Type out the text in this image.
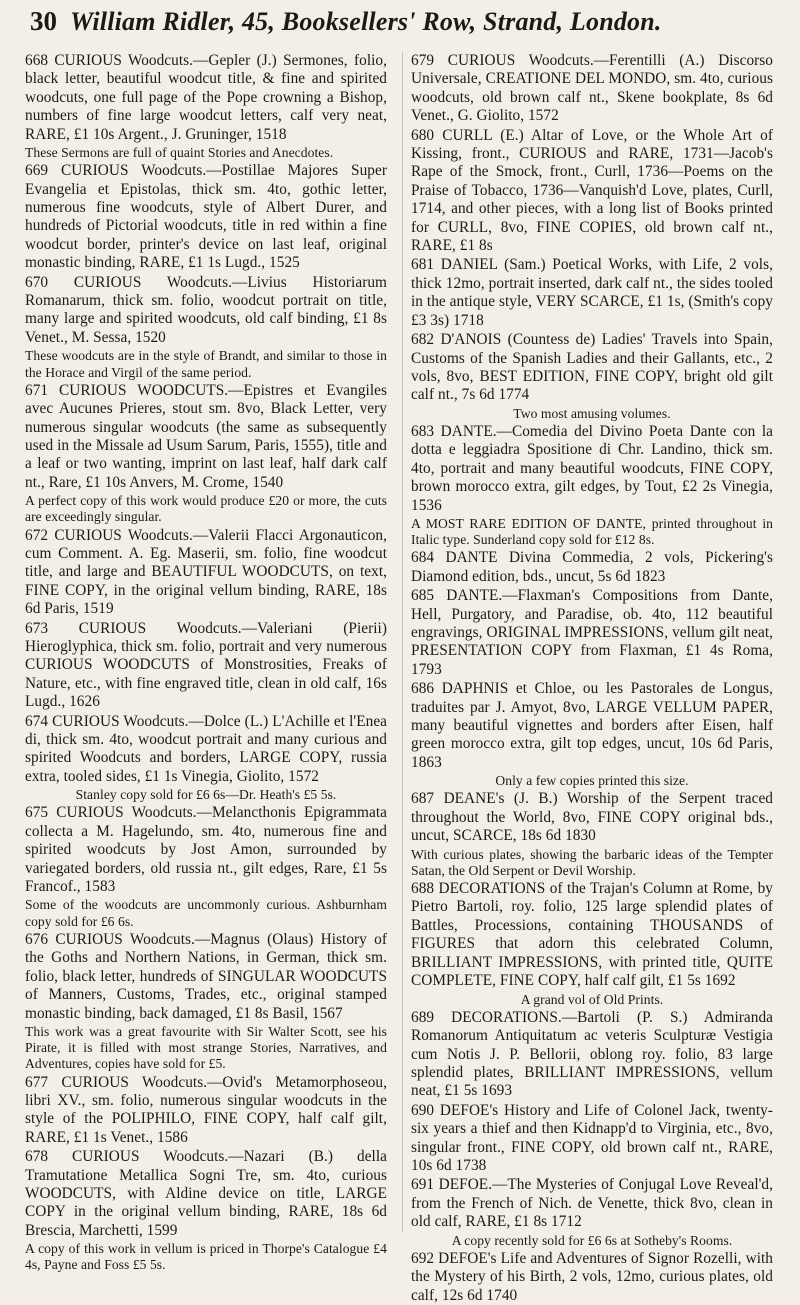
30 William Ridler, 45, Booksellers' Row, Strand, London.
668 CURIOUS Woodcuts.—Gepler (J.) Sermones, folio, black letter, beautiful woodcut title, & fine and spirited woodcuts, one full page of the Pope crowning a Bishop, numbers of fine large woodcut letters, calf very neat, RARE, £1 10s Argent., J. Gruninger, 1518
These Sermons are full of quaint Stories and Anecdotes.
669 CURIOUS Woodcuts.—Postillae Majores Super Evangelia et Epistolas, thick sm. 4to, gothic letter, numerous fine woodcuts, style of Albert Durer, and hundreds of Pictorial woodcuts, title in red within a fine woodcut border, printer's device on last leaf, original monastic binding, RARE, £1 1s Lugd., 1525
670 CURIOUS Woodcuts.—Livius Historiarum Romanarum, thick sm. folio, woodcut portrait on title, many large and spirited woodcuts, old calf binding, £1 8s Venet., M. Sessa, 1520
These woodcuts are in the style of Brandt, and similar to those in the Horace and Virgil of the same period.
671 CURIOUS WOODCUTS.—Epistres et Evangiles avec Aucunes Prieres, stout sm. 8vo, Black Letter, very numerous singular woodcuts (the same as subsequently used in the Missale ad Usum Sarum, Paris, 1555), title and a leaf or two wanting, imprint on last leaf, half dark calf nt., Rare, £1 10s Anvers, M. Crome, 1540
A perfect copy of this work would produce £20 or more, the cuts are exceedingly singular.
672 CURIOUS Woodcuts.—Valerii Flacci Argonauticon, cum Comment. A. Eg. Maserii, sm. folio, fine woodcut title, and large and BEAUTIFUL WOODCUTS, on text, FINE COPY, in the original vellum binding, RARE, 18s 6d Paris, 1519
673 CURIOUS Woodcuts.—Valeriani (Pierii) Hieroglyphica, thick sm. folio, portrait and very numerous CURIOUS WOODCUTS of Monstrosities, Freaks of Nature, etc., with fine engraved title, clean in old calf, 16s Lugd., 1626
674 CURIOUS Woodcuts.—Dolce (L.) L'Achille et l'Enea di, thick sm. 4to, woodcut portrait and many curious and spirited Woodcuts and borders, LARGE COPY, russia extra, tooled sides, £1 1s Vinegia, Giolito, 1572
Stanley copy sold for £6 6s—Dr. Heath's £5 5s.
675 CURIOUS Woodcuts.—Melancthonis Epigrammata collecta a M. Hagelundo, sm. 4to, numerous fine and spirited woodcuts by Jost Amon, surrounded by variegated borders, old russia nt., gilt edges, Rare, £1 5s Francof., 1583
Some of the woodcuts are uncommonly curious. Ashburnham copy sold for £6 6s.
676 CURIOUS Woodcuts.—Magnus (Olaus) History of the Goths and Northern Nations, in German, thick sm. folio, black letter, hundreds of SINGULAR WOODCUTS of Manners, Customs, Trades, etc., original stamped monastic binding, back damaged, £1 8s Basil, 1567
This work was a great favourite with Sir Walter Scott, see his Pirate, it is filled with most strange Stories, Narratives, and Adventures, copies have sold for £5.
677 CURIOUS Woodcuts.—Ovid's Metamorphoseou, libri XV., sm. folio, numerous singular woodcuts in the style of the POLIPHILO, FINE COPY, half calf gilt, RARE, £1 1s Venet., 1586
678 CURIOUS Woodcuts.—Nazari (B.) della Tramutatione Metallica Sogni Tre, sm. 4to, curious WOODCUTS, with Aldine device on title, LARGE COPY in the original vellum binding, RARE, 18s 6d Brescia, Marchetti, 1599
A copy of this work in vellum is priced in Thorpe's Catalogue £4 4s, Payne and Foss £5 5s.
679 CURIOUS Woodcuts.—Ferentilli (A.) Discorso Universale, CREATIONE DEL MONDO, sm. 4to, curious woodcuts, old brown calf nt., Skene bookplate, 8s 6d Venet., G. Giolito, 1572
680 CURLL (E.) Altar of Love, or the Whole Art of Kissing, front., CURIOUS and RARE, 1731—Jacob's Rape of the Smock, front., Curll, 1736—Poems on the Praise of Tobacco, 1736—Vanquish'd Love, plates, Curll, 1714, and other pieces, with a long list of Books printed for CURLL, 8vo, FINE COPIES, old brown calf nt., RARE, £1 8s
681 DANIEL (Sam.) Poetical Works, with Life, 2 vols, thick 12mo, portrait inserted, dark calf nt., the sides tooled in the antique style, VERY SCARCE, £1 1s, (Smith's copy £3 3s) 1718
682 D'ANOIS (Countess de) Ladies' Travels into Spain, Customs of the Spanish Ladies and their Gallants, etc., 2 vols, 8vo, BEST EDITION, FINE COPY, bright old gilt calf nt., 7s 6d 1774
Two most amusing volumes.
683 DANTE.—Comedia del Divino Poeta Dante con la dotta e leggiadra Spositione di Chr. Landino, thick sm. 4to, portrait and many beautiful woodcuts, FINE COPY, brown morocco extra, gilt edges, by Tout, £2 2s Vinegia, 1536
A MOST RARE EDITION OF DANTE, printed throughout in Italic type. Sunderland copy sold for £12 8s.
684 DANTE Divina Commedia, 2 vols, Pickering's Diamond edition, bds., uncut, 5s 6d 1823
685 DANTE.—Flaxman's Compositions from Dante, Hell, Purgatory, and Paradise, ob. 4to, 112 beautiful engravings, ORIGINAL IMPRESSIONS, vellum gilt neat, PRESENTATION COPY from Flaxman, £1 4s Roma, 1793
686 DAPHNIS et Chloe, ou les Pastorales de Longus, traduites par J. Amyot, 8vo, LARGE VELLUM PAPER, many beautiful vignettes and borders after Eisen, half green morocco extra, gilt top edges, uncut, 10s 6d Paris, 1863
Only a few copies printed this size.
687 DEANE's (J. B.) Worship of the Serpent traced throughout the World, 8vo, FINE COPY original bds., uncut, SCARCE, 18s 6d 1830
With curious plates, showing the barbaric ideas of the Tempter Satan, the Old Serpent or Devil Worship.
688 DECORATIONS of the Trajan's Column at Rome, by Pietro Bartoli, roy. folio, 125 large splendid plates of Battles, Processions, containing THOUSANDS of FIGURES that adorn this celebrated Column, BRILLIANT IMPRESSIONS, with printed title, QUITE COMPLETE, FINE COPY, half calf gilt, £1 5s 1692
A grand vol of Old Prints.
689 DECORATIONS.—Bartoli (P. S.) Admiranda Romanorum Antiquitatum ac veteris Sculpturæ Vestigia cum Notis J. P. Bellorii, oblong roy. folio, 83 large splendid plates, BRILLIANT IMPRESSIONS, vellum neat, £1 5s 1693
690 DEFOE's History and Life of Colonel Jack, twenty-six years a thief and then Kidnapp'd to Virginia, etc., 8vo, singular front., FINE COPY, old brown calf nt., RARE, 10s 6d 1738
691 DEFOE.—The Mysteries of Conjugal Love Reveal'd, from the French of Nich. de Venette, thick 8vo, clean in old calf, RARE, £1 8s 1712
A copy recently sold for £6 6s at Sotheby's Rooms.
692 DEFOE's Life and Adventures of Signor Rozelli, with the Mystery of his Birth, 2 vols, 12mo, curious plates, old calf, 12s 6d 1740
